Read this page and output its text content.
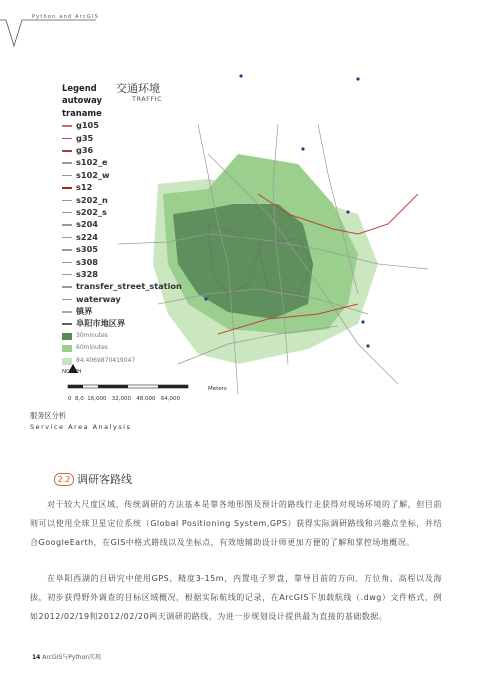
Python and ArcGIS
交通环境
TRAFFIC
Legend
autoway
traname
g105
g35
g36
s102_e
s102_w
s12
s202_n
s202_s
s204
s224
s305
s308
s328
transfer_street_station
waterway
镇界
阜阳市地区界
30minutes
60minutes
84.4069870419047
NORTH
0 8,0 16,000 32,000 48,000 64,000
Meters
服务区分析
Service Area Analysis
2.2 调研客路线

对于较大尺度区域，传统调研的方法基本是靠各地形图及预计的路线行走获得对现场环境的了解，但目前则可以使用全球卫星定位系统（Global Positioning System,GPS）获得实际调研路线和兴趣点坐标，并结合GoogleEarth，在GIS中格式路线以及坐标点，有效地辅助设计师更加方便的了解和掌控场地概况。

在阜阳西湖的目研究中使用GPS，精度3-15m，内置电子罗盘，靠导目前的方向、方位角、高程以及海拔，初步获得野外调查的目标区域概况，根据实际航线的记录，在ArcGIS下加载航线（.dwg）文件格式，例如2012/02/19和2012/02/20两天调研的路线，为进一步规划设计提供最为直接的基础数据。

14 ArcGIS与Python实现
